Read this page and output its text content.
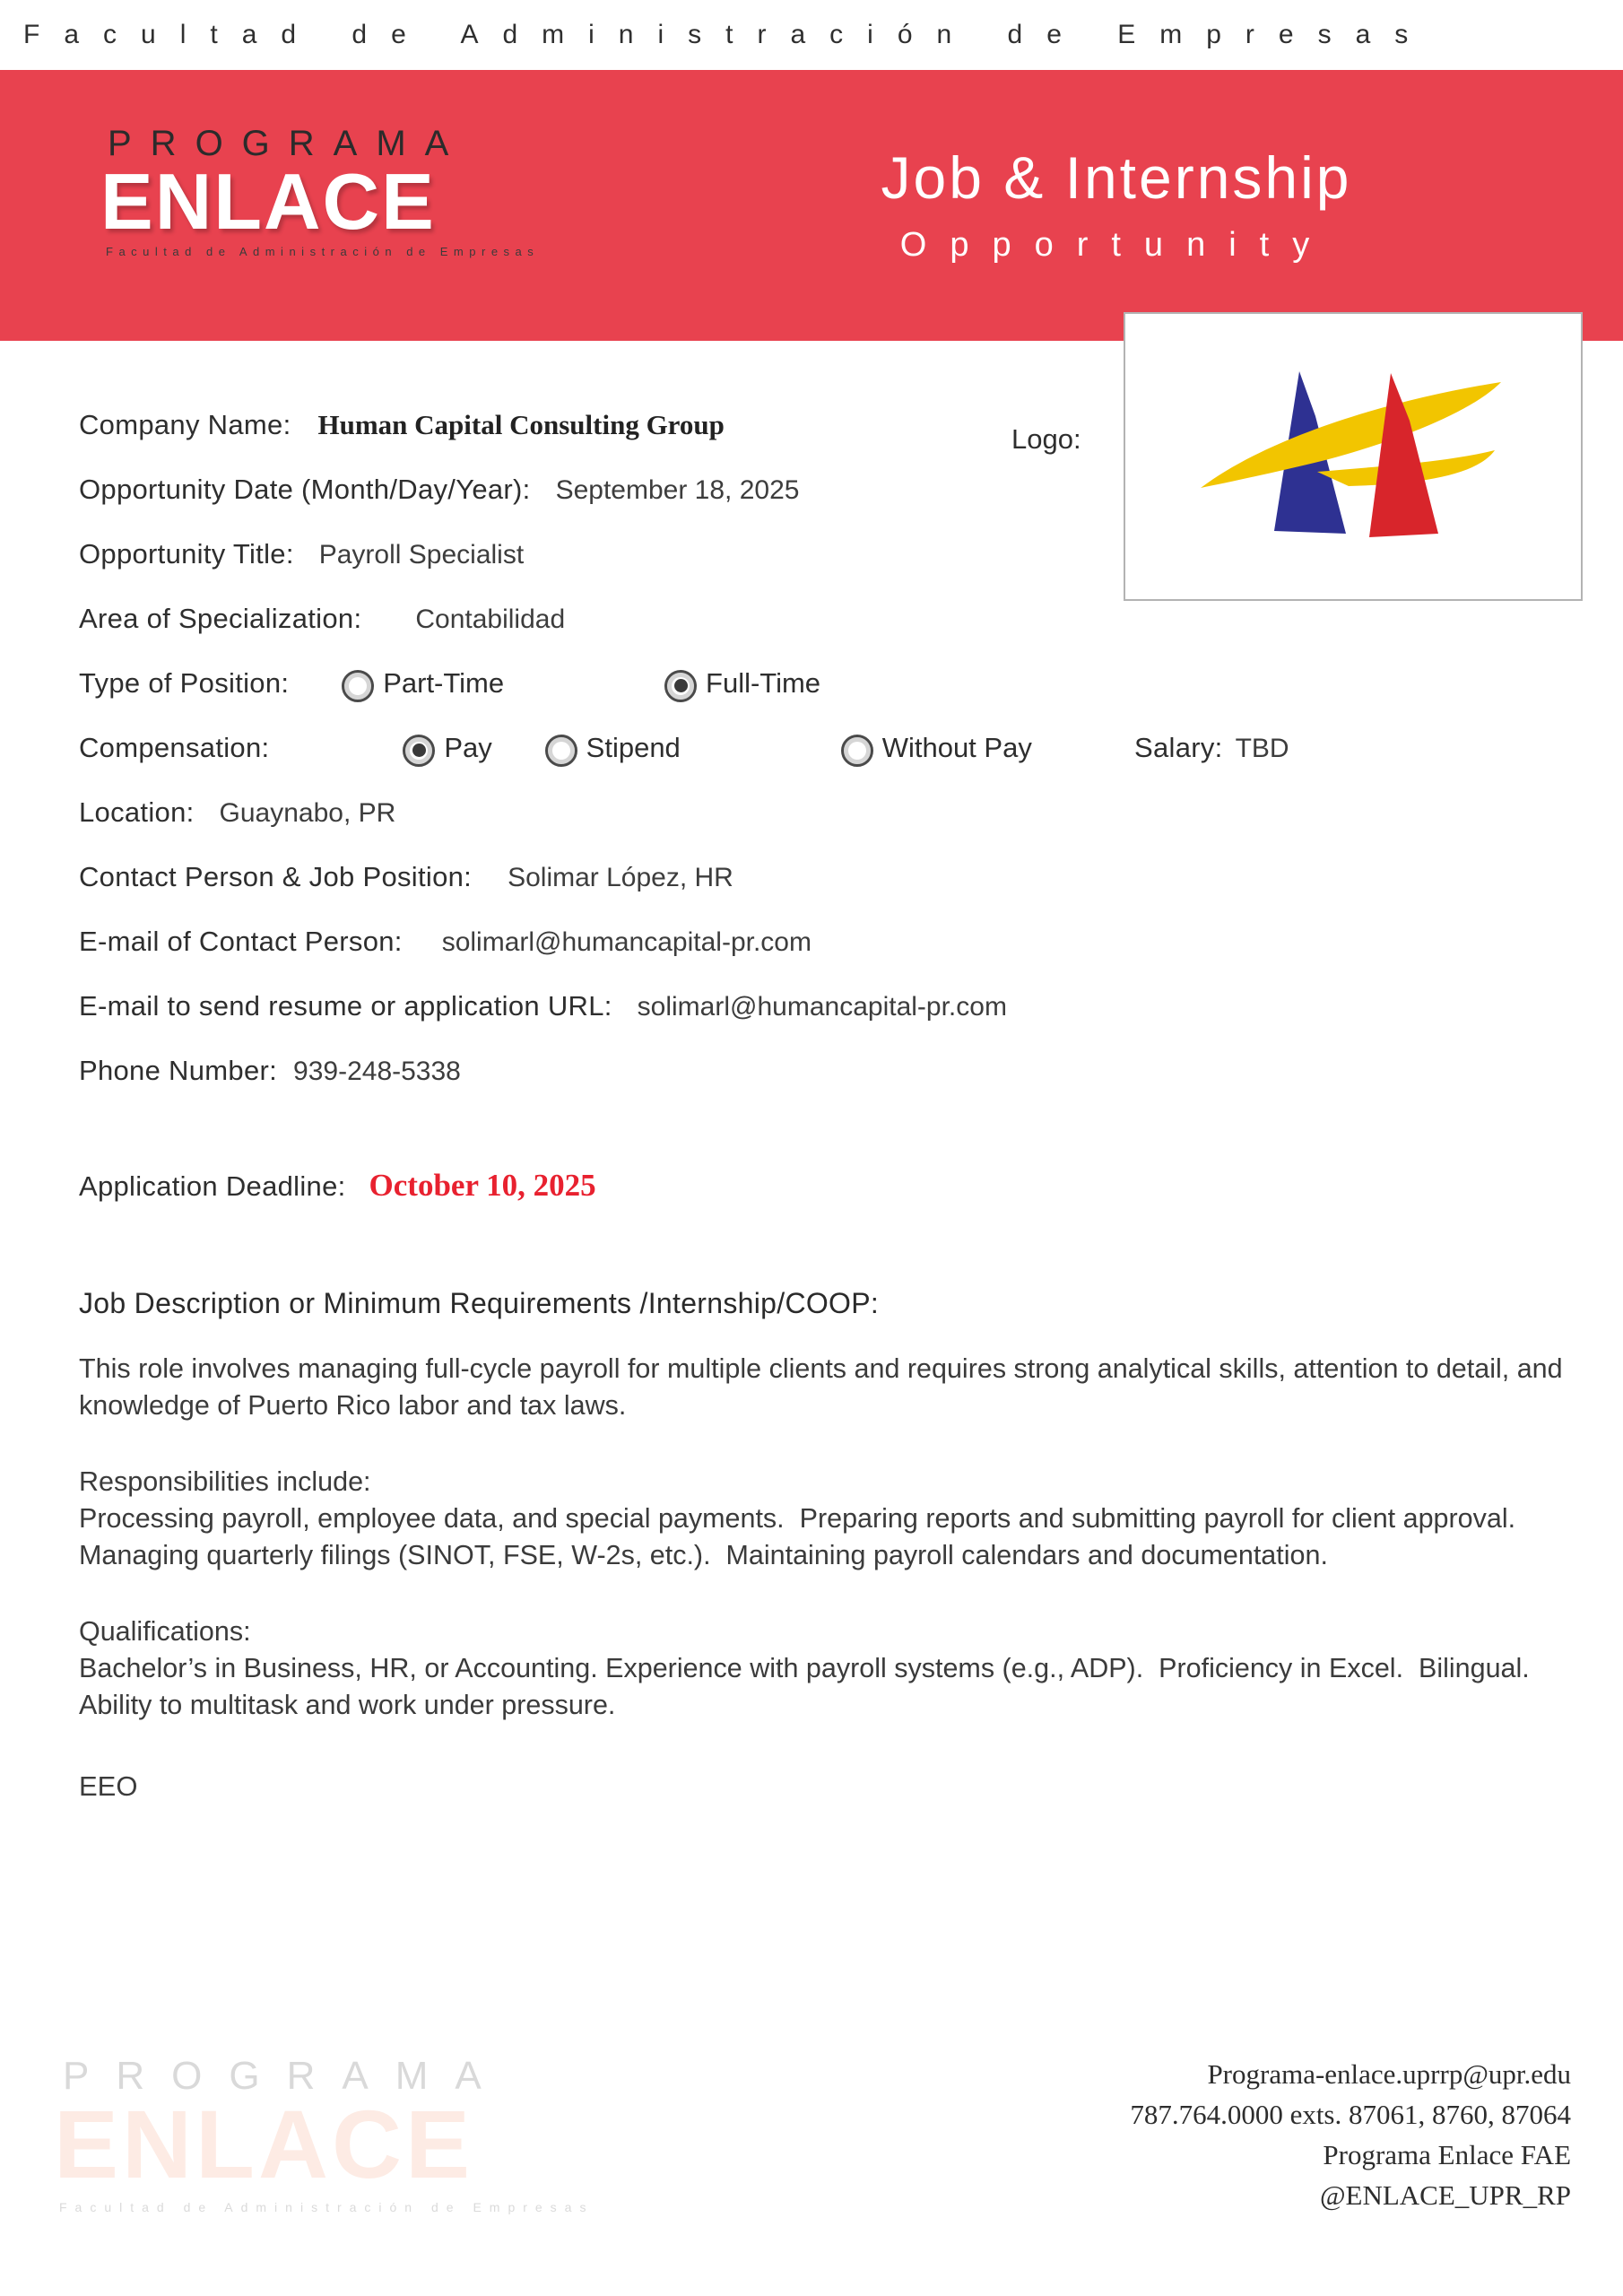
Facultad de Administración de Empresas
PROGRAMA
ENLACE
Facultad de Administración de Empresas
Job & Internship
Opportunity
Logo:
Company Name: Human Capital Consulting Group
Opportunity Date (Month/Day/Year): September 18, 2025
Opportunity Title: Payroll Specialist
Area of Specialization: Contabilidad
Type of Position:	Part-Time	Full-Time
Compensation:	Pay	Stipend	Without Pay	Salary: TBD
Location: Guaynabo, PR
Contact Person & Job Position: Solimar López, HR
E-mail of Contact Person: solimarl@humancapital-pr.com
E-mail to send resume or application URL: solimarl@humancapital-pr.com
Phone Number: 939-248-5338
Application Deadline: October 10, 2025
Job Description or Minimum Requirements /Internship/COOP:
This role involves managing full-cycle payroll for multiple clients and requires strong analytical skills, attention to detail, and knowledge of Puerto Rico labor and tax laws.
Responsibilities include:
Processing payroll, employee data, and special payments.  Preparing reports and submitting payroll for client approval.  Managing quarterly filings (SINOT, FSE, W-2s, etc.).  Maintaining payroll calendars and documentation.
Qualifications:
Bachelor’s in Business, HR, or Accounting. Experience with payroll systems (e.g., ADP).  Proficiency in Excel.  Bilingual.  Ability to multitask and work under pressure.
EEO
PROGRAMA
ENLACE
Facultad de Administración de Empresas
Programa-enlace.uprrp@upr.edu
787.764.0000 exts. 87061, 8760, 87064
Programa Enlace FAE
@ENLACE_UPR_RP
